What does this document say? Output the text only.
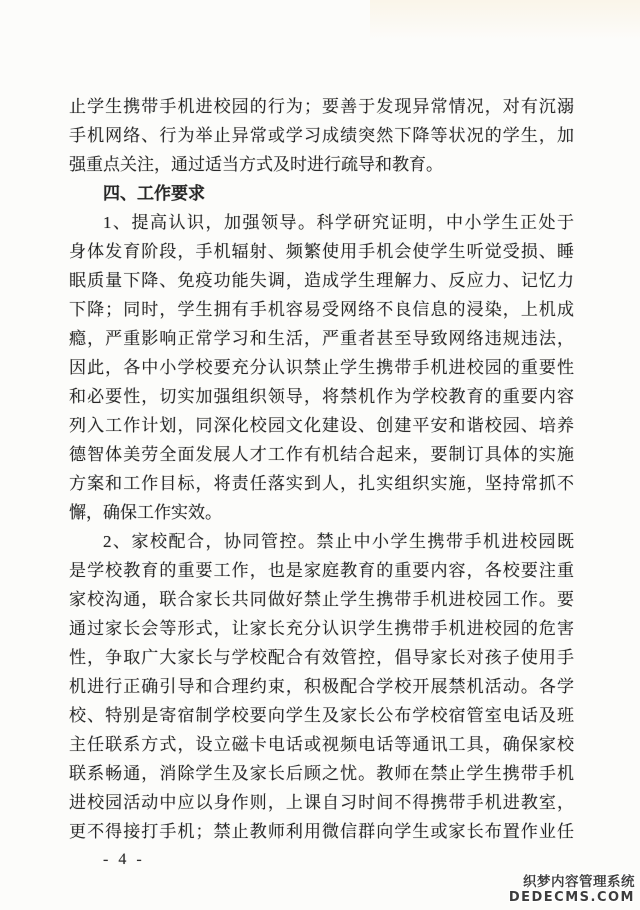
止学生携带手机进校园的行为；要善于发现异常情况，对有沉溺
手机网络、行为举止异常或学习成绩突然下降等状况的学生，加
强重点关注，通过适当方式及时进行疏导和教育。
四、工作要求
1、提高认识，加强领导。科学研究证明，中小学生正处于
身体发育阶段，手机辐射、频繁使用手机会使学生听觉受损、睡
眠质量下降、免疫功能失调，造成学生理解力、反应力、记忆力
下降；同时，学生拥有手机容易受网络不良信息的浸染，上机成
瘾，严重影响正常学习和生活，严重者甚至导致网络违规违法，
因此，各中小学校要充分认识禁止学生携带手机进校园的重要性
和必要性，切实加强组织领导，将禁机作为学校教育的重要内容
列入工作计划，同深化校园文化建设、创建平安和谐校园、培养
德智体美劳全面发展人才工作有机结合起来，要制订具体的实施
方案和工作目标，将责任落实到人，扎实组织实施，坚持常抓不
懈，确保工作实效。
2、家校配合，协同管控。禁止中小学生携带手机进校园既
是学校教育的重要工作，也是家庭教育的重要内容，各校要注重
家校沟通，联合家长共同做好禁止学生携带手机进校园工作。要
通过家长会等形式，让家长充分认识学生携带手机进校园的危害
性，争取广大家长与学校配合有效管控，倡导家长对孩子使用手
机进行正确引导和合理约束，积极配合学校开展禁机活动。各学
校、特别是寄宿制学校要向学生及家长公布学校宿管室电话及班
主任联系方式，设立磁卡电话或视频电话等通讯工具，确保家校
联系畅通，消除学生及家长后顾之忧。教师在禁止学生携带手机
进校园活动中应以身作则，上课自习时间不得携带手机进教室，
更不得接打手机；禁止教师利用微信群向学生或家长布置作业任
- 4 -
织梦内容管理系统
DEDECMS.COM
